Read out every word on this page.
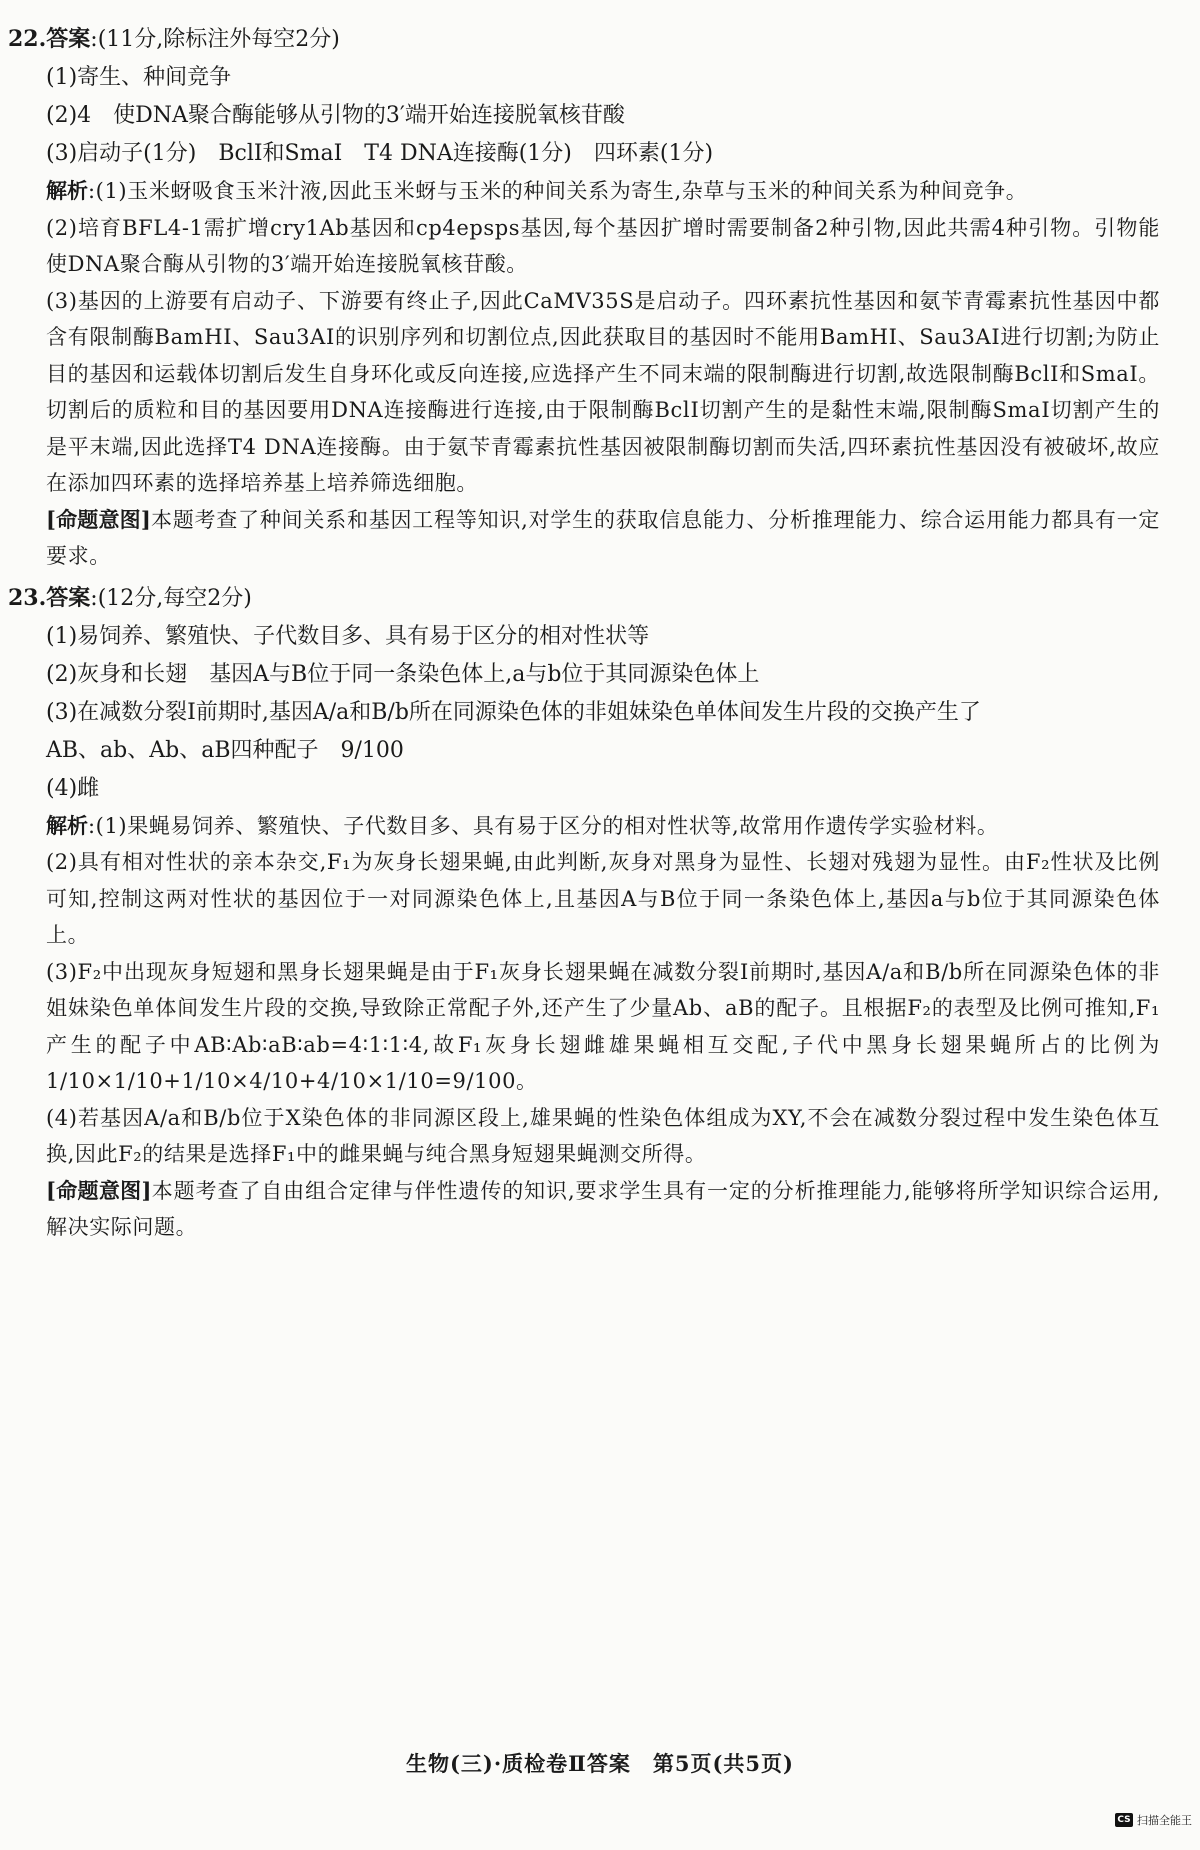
22.答案:(11分,除标注外每空2分)
(1)寄生、种间竞争
(2)4　使DNA聚合酶能够从引物的3′端开始连接脱氧核苷酸
(3)启动子(1分)　BclⅠ和SmaⅠ　T4 DNA连接酶(1分)　四环素(1分)
解析:(1)玉米蚜吸食玉米汁液,因此玉米蚜与玉米的种间关系为寄生,杂草与玉米的种间关系为种间竞争。
(2)培育BFL4-1需扩增cry1Ab基因和cp4epsps基因,每个基因扩增时需要制备2种引物,因此共需4种引物。引物能使DNA聚合酶从引物的3′端开始连接脱氧核苷酸。
(3)基因的上游要有启动子、下游要有终止子,因此CaMV35S是启动子。四环素抗性基因和氨苄青霉素抗性基因中都含有限制酶BamHⅠ、Sau3AⅠ的识别序列和切割位点,因此获取目的基因时不能用BamHⅠ、Sau3AⅠ进行切割;为防止目的基因和运载体切割后发生自身环化或反向连接,应选择产生不同末端的限制酶进行切割,故选限制酶BclⅠ和SmaⅠ。切割后的质粒和目的基因要用DNA连接酶进行连接,由于限制酶BclⅠ切割产生的是黏性末端,限制酶SmaⅠ切割产生的是平末端,因此选择T4 DNA连接酶。由于氨苄青霉素抗性基因被限制酶切割而失活,四环素抗性基因没有被破坏,故应在添加四环素的选择培养基上培养筛选细胞。
[命题意图]本题考查了种间关系和基因工程等知识,对学生的获取信息能力、分析推理能力、综合运用能力都具有一定要求。
23.答案:(12分,每空2分)
(1)易饲养、繁殖快、子代数目多、具有易于区分的相对性状等
(2)灰身和长翅　基因A与B位于同一条染色体上,a与b位于其同源染色体上
(3)在减数分裂Ⅰ前期时,基因A/a和B/b所在同源染色体的非姐妹染色单体间发生片段的交换产生了
AB、ab、Ab、aB四种配子　9/100
(4)雌
解析:(1)果蝇易饲养、繁殖快、子代数目多、具有易于区分的相对性状等,故常用作遗传学实验材料。
(2)具有相对性状的亲本杂交,F₁为灰身长翅果蝇,由此判断,灰身对黑身为显性、长翅对残翅为显性。由F₂性状及比例可知,控制这两对性状的基因位于一对同源染色体上,且基因A与B位于同一条染色体上,基因a与b位于其同源染色体上。
(3)F₂中出现灰身短翅和黑身长翅果蝇是由于F₁灰身长翅果蝇在减数分裂Ⅰ前期时,基因A/a和B/b所在同源染色体的非姐妹染色单体间发生片段的交换,导致除正常配子外,还产生了少量Ab、aB的配子。且根据F₂的表型及比例可推知,F₁产生的配子中AB∶Ab∶aB∶ab=4∶1∶1∶4,故F₁灰身长翅雌雄果蝇相互交配,子代中黑身长翅果蝇所占的比例为1/10×1/10+1/10×4/10+4/10×1/10=9/100。
(4)若基因A/a和B/b位于X染色体的非同源区段上,雄果蝇的性染色体组成为XY,不会在减数分裂过程中发生染色体互换,因此F₂的结果是选择F₁中的雌果蝇与纯合黑身短翅果蝇测交所得。
[命题意图]本题考查了自由组合定律与伴性遗传的知识,要求学生具有一定的分析推理能力,能够将所学知识综合运用,解决实际问题。
生物(三)·质检卷Ⅱ答案　第5页(共5页)
CS 扫描全能王
